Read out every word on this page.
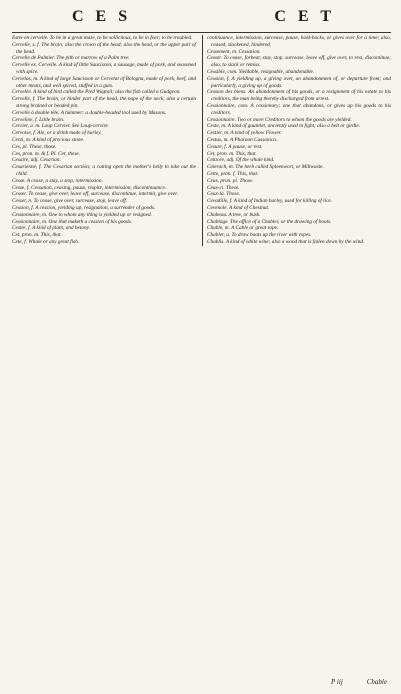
C E S	C E T

Estre en cervelle. To be in a great maze, to be sollicitous, to be in fear; to be troubled.

Cervelle, s. f. The brain; also the crown of the head; also the head, or the upper part of the head.

Cervelle de Palmier. The pith or marrow of a Palm tree.

Cervelle ex. Cervelle. A kind of little Saucisson, a sausage, made of pork, and seasoned with spice.

Cervelas, m. A kind of large Saucisson or Cervelat of Bologna, made of pork, beef, and other meats, and well spiced, stuffed in a guts.

Cervelée. A kind of bird called the Pied Wagtail; also the fish called a Gudgeon.

Cervelle, f. The brain, or hinder part of the head, the nape of the neck; also a certain strong brained or headed pin.

Cervelle à double tête. A hammer; a double-headed tool used by Masons.

Cerveline, f. Little brain.

Cervier, a. m. Loup Cervier. See Loup-cervier.

Cervoise, f. Ale, or a drink made of barley.

Cerzi, m. A kind of precious stone.

Ces, pl. These, those.

Ces, pron. m. & f. Pl. Cet, these.

Cesaire, adj. Cesarian.

Cesarienne, f. The Cesarian section; a cutting open the mother's belly to take out the child.

Cesse. A cease, a stay, a stop, intermission.

Cesse, f. Cessation, ceasing, pause, respite, intermission, discontinuance.

Cesser. To cease, give over, leave off, surcease, discontinue, intermit, give over.

Cesser, n. To cease, give over, surcease, stop, leave off.

Cession, f. A cession, yielding up, resignation, a surrender of goods.

Cessionnaire, m. One to whom any thing is yielded up or resigned.

Cessionnaire, m. One that maketh a cession of his goods.

Cestre, f. A kind of plant, and betony.

Cet, pron. m. This, that.

Cete, f. Whale or any great fish.

continuance, intermission, surcease, pause, hold-backs, or gives over for a time; also, ceased, slackened, hindered.

Cessement, m. Cessation.

Cesser. To cease, forbear, stay, stop, surcease, leave off, give over, to rest, discontinue; also, to slack or remiss.

Cessible, com. Yieldable, resignable, abandonable.

Cession, f. A yielding up, a giving over, an abandonment of, or departure from; and particularly, a giving up of goods.

Cession des biens. An abandonment of his goods, or a resignment of his estate to his creditors, the man being thereby discharged from arrest.

Cessionnaire, com. A cessionary; one that abandons, or gives up his goods to his creditors.

Cessionnaire. Two or more Creditors to whom the goods are yielded.

Ceste, m. A kind of gauntlet, anciently used in fight; also a belt or girdle.

Cestier, m. A kind of yellow Flower.

Cestus, m. A Pharaon Cassanica.

Cesure, f. A pause, or rest.

Cet, pron. m. This, that.

Cetacée, adj. Of the whale kind.

Ceterach, m. The herb called Spleenwort, or Miltwaste.

Cette, pron. f. This, that.

Ceux, pron. pl. Those.

Ceux-ci. These.

Ceux-là. Those.

Cevadille, f. A kind of Indian barley, used for killing of lice.

Cevenole. A kind of Chestnut.

Chabeau. A tree, or bush.

Chablage. The office of a Chabler, or the drawing of boats.

Chable, m. A Cable or great rope.

Chabler, a. To draw boats up the river with ropes.

Chablis. A kind of white wine; also a wood that is fallen down by the wind.

P iij	Chable
